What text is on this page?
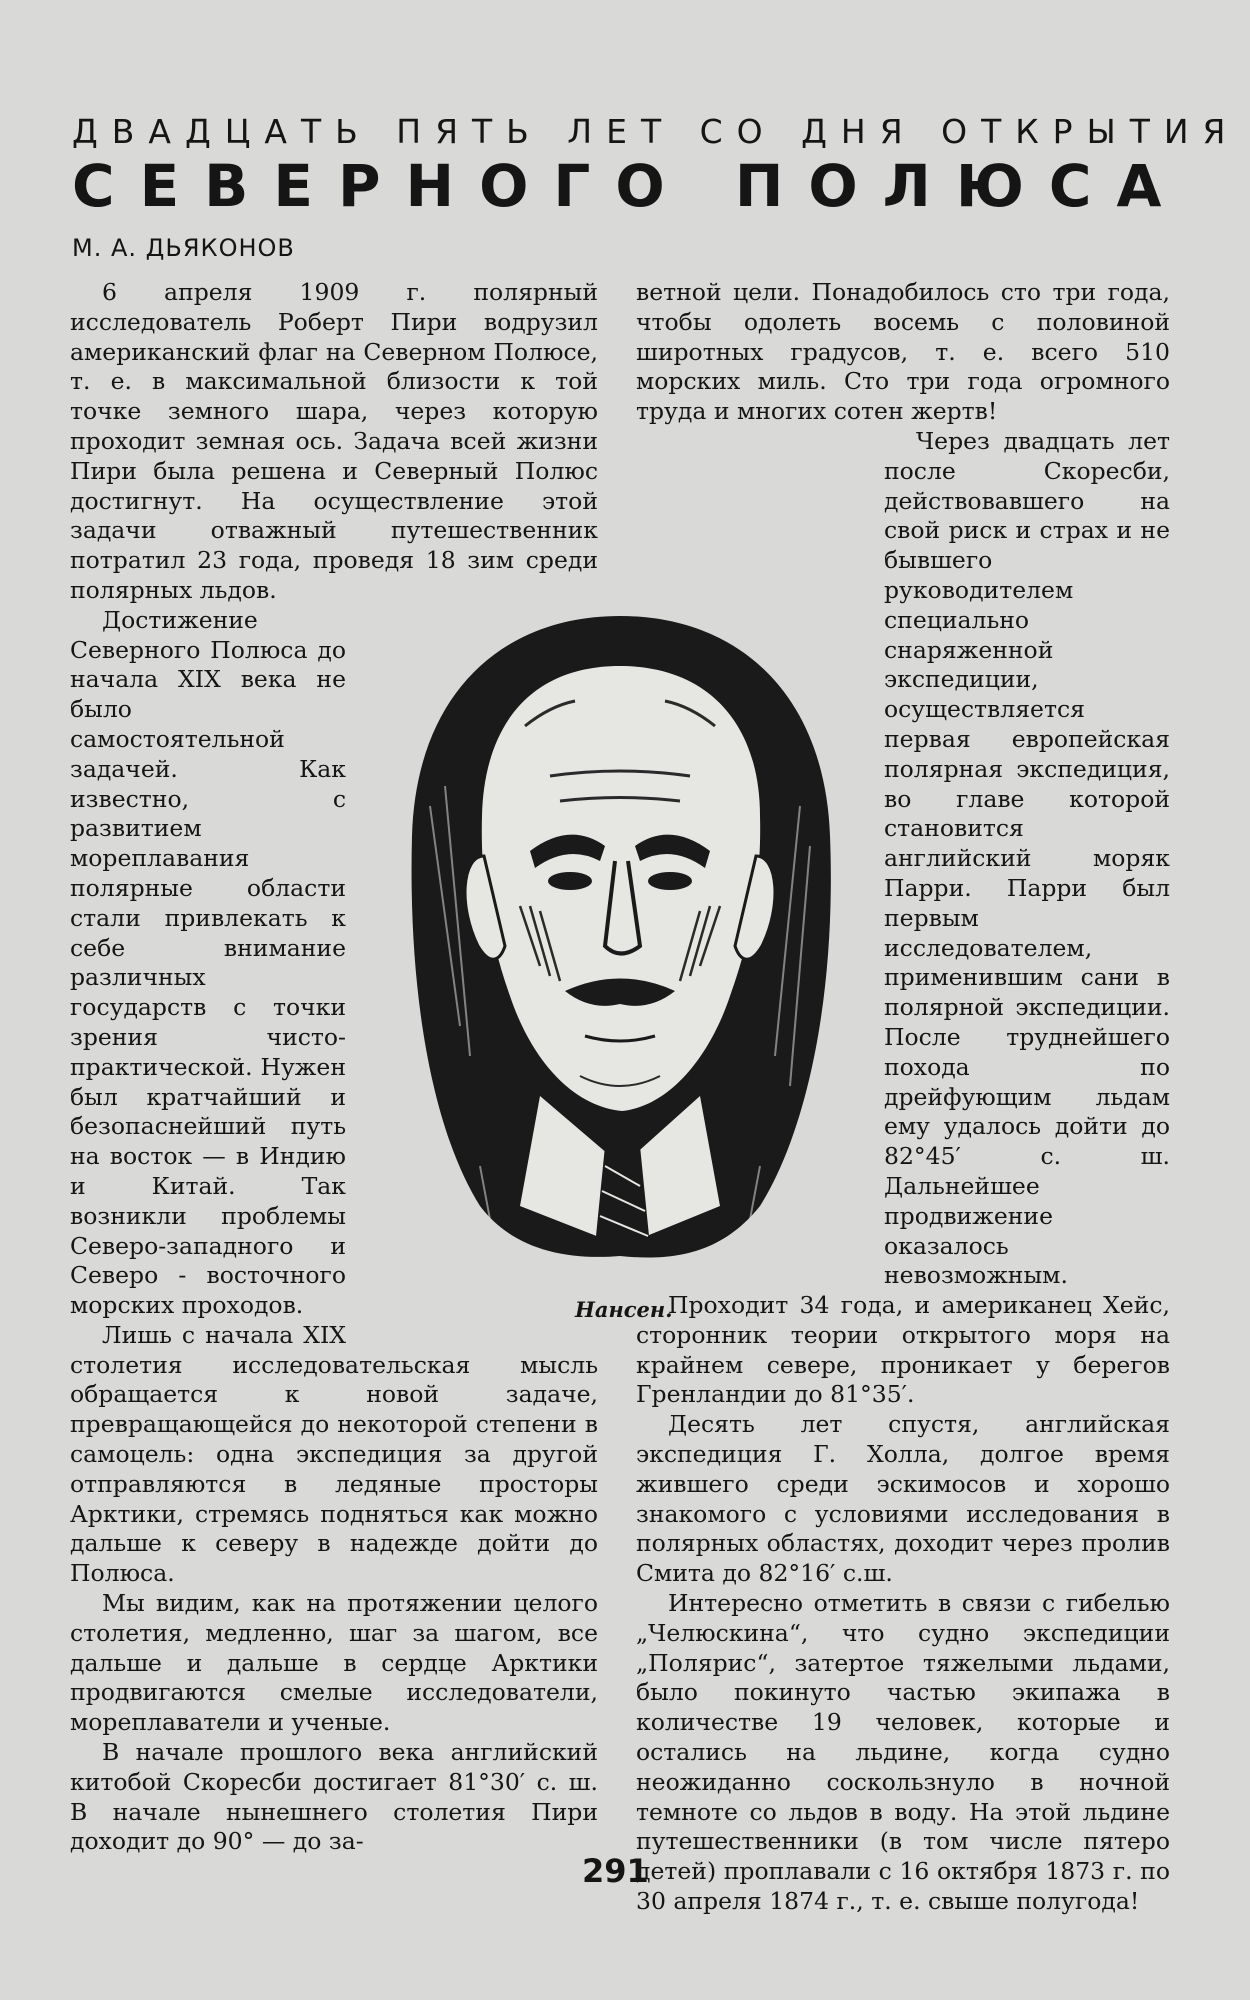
ДВАДЦАТЬ ПЯТЬ ЛЕТ СО ДНЯ ОТКРЫТИЯ
СЕВЕРНОГО ПОЛЮСА
М. А. ДЬЯКОНОВ

6 апреля 1909 г. полярный исследователь Роберт Пири водрузил американский флаг на Северном Полюсе, т. е. в максимальной близости к той точке земного шара, через которую проходит земная ось. Задача всей жизни Пири была решена и Северный Полюс достигнут. На осуществление этой задачи отважный путешественник потратил 23 года, проведя 18 зим среди полярных льдов.

Достижение Северного Полюса до начала XIX века не было самостоятельной задачей. Как известно, с развитием мореплавания полярные области стали привлекать к себе внимание различных государств с точки зрения чисто-практической. Нужен был кратчайший и безопаснейший путь на восток — в Индию и Китай. Так возникли проблемы Северо-западного и Северо - восточного морских проходов.

Лишь с начала XIX столетия исследовательская мысль обращается к новой задаче, превращающейся до некоторой степени в самоцель: одна экспедиция за другой отправляются в ледяные просторы Арктики, стремясь подняться как можно дальше к северу в надежде дойти до Полюса.

Мы видим, как на протяжении целого столетия, медленно, шаг за шагом, все дальше и дальше в сердце Арктики продвигаются смелые исследователи, мореплаватели и ученые.

В начале прошлого века английский китобой Скоресби достигает 81°30′ с. ш. В начале нынешнего столетия Пири доходит до 90° — до за-

ветной цели. Понадобилось сто три года, чтобы одолеть восемь с половиной широтных градусов, т. е. всего 510 морских миль. Сто три года огромного труда и многих сотен жертв!

Через двадцать лет после Скоресби, действовавшего на свой риск и страх и не бывшего руководителем специально снаряженной экспедиции, осуществляется первая европейская полярная экспедиция, во главе которой становится английский моряк Парри. Парри был первым исследователем, применившим сани в полярной экспедиции. После труднейшего похода по дрейфующим льдам ему удалось дойти до 82°45′ с. ш. Дальнейшее продвижение оказалось невозможным.

Проходит 34 года, и американец Хейс, сторонник теории открытого моря на крайнем севере, проникает у берегов Гренландии до 81°35′.

Десять лет спустя, английская экспедиция Г. Холла, долгое время жившего среди эскимосов и хорошо знакомого с условиями исследования в полярных областях, доходит через пролив Смита до 82°16′ с.ш.

Интересно отметить в связи с гибелью „Челюскина“, что судно экспедиции „Полярис“, затертое тяжелыми льдами, было покинуто частью экипажа в количестве 19 человек, которые и остались на льдине, когда судно неожиданно соскользнуло в ночной темноте со льдов в воду. На этой льдине путешественники (в том числе пятеро детей) проплавали с 16 октября 1873 г. по 30 апреля 1874 г., т. е. свыше полугода!

Нансен.
291
